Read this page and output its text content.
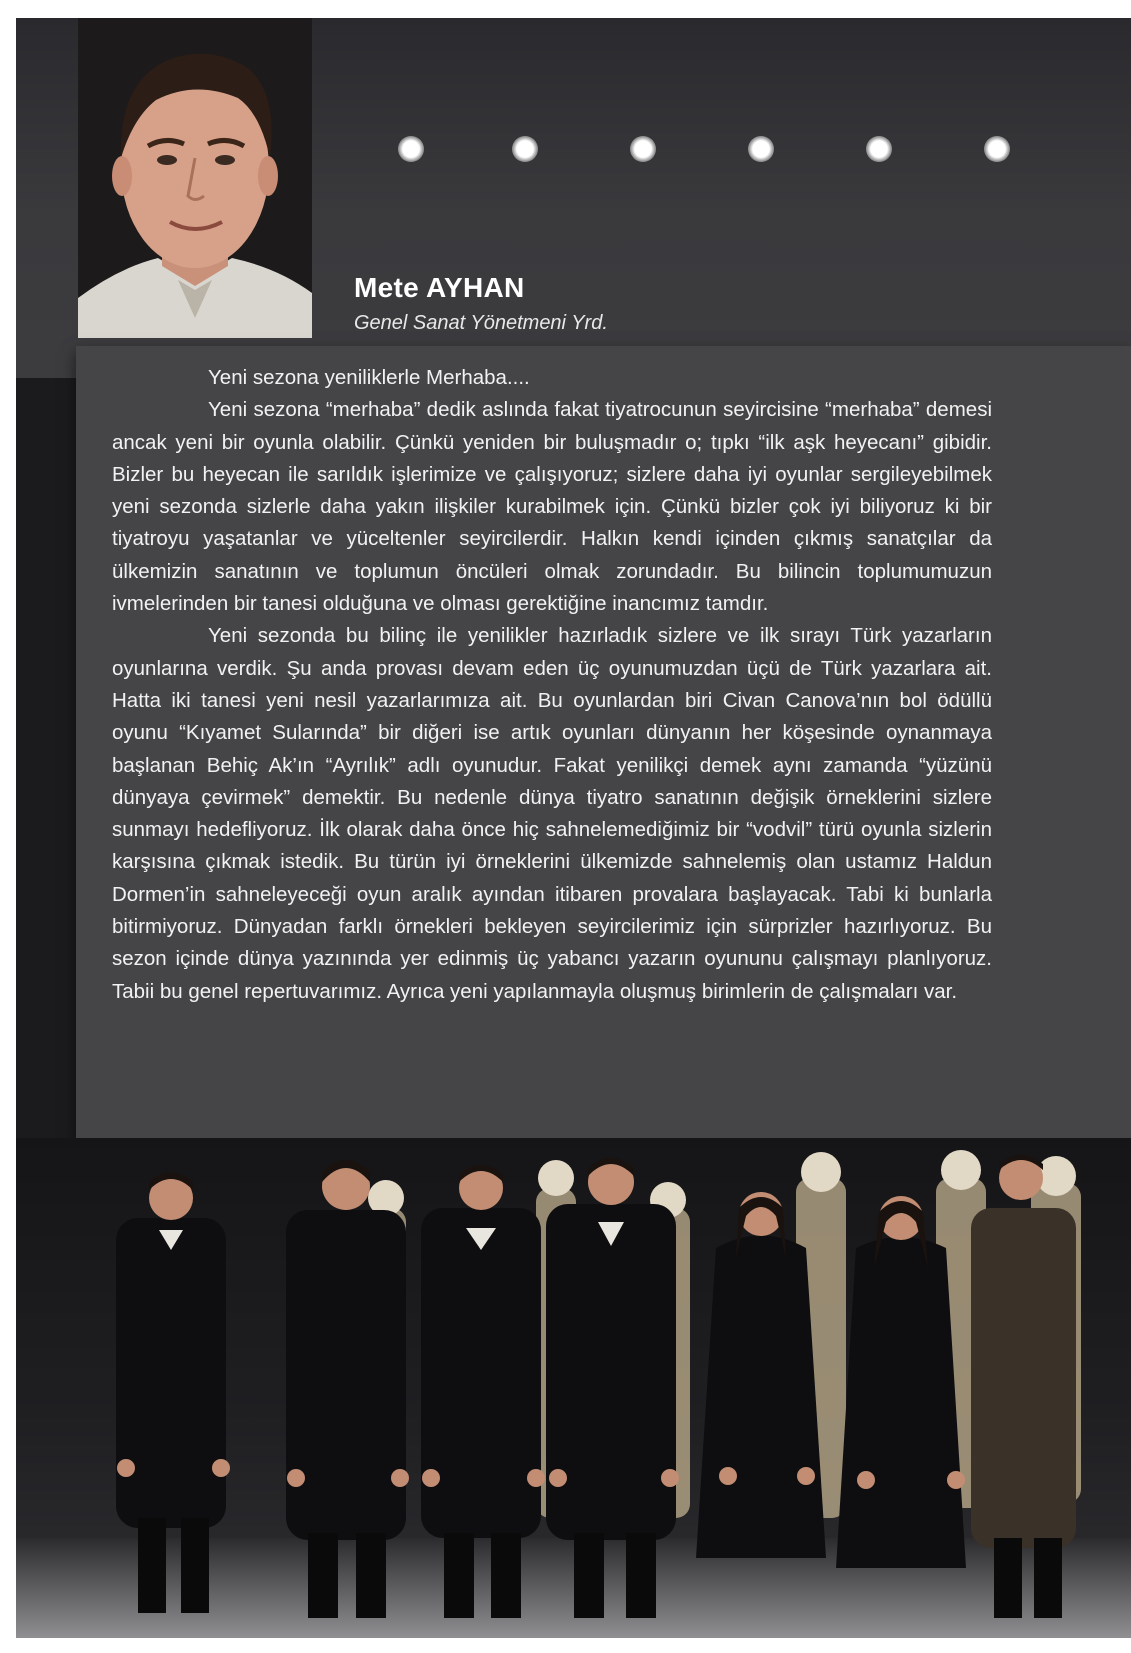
Mete AYHAN
Genel Sanat Yönetmeni Yrd.

Yeni sezona yeniliklerle Merhaba....

Yeni sezona “merhaba” dedik aslında fakat tiyatrocunun seyircisine “merhaba” demesi ancak yeni bir oyunla olabilir. Çünkü yeniden bir buluşmadır o; tıpkı “ilk aşk heyecanı” gibidir. Bizler bu heyecan ile sarıldık işlerimize ve çalışıyoruz; sizlere daha iyi oyunlar sergileyebilmek yeni sezonda sizlerle daha yakın ilişkiler kurabilmek için. Çünkü bizler çok iyi biliyoruz ki bir tiyatroyu yaşatanlar ve yüceltenler seyircilerdir. Halkın kendi içinden çıkmış sanatçılar da ülkemizin sanatının ve toplumun öncüleri olmak zorundadır. Bu bilincin toplumumuzun ivmelerinden bir tanesi olduğuna ve olması gerektiğine inancımız tamdır.

Yeni sezonda bu bilinç ile yenilikler hazırladık sizlere ve ilk sırayı Türk yazarların oyunlarına verdik. Şu anda provası devam eden üç oyunumuzdan üçü de Türk yazarlara ait. Hatta iki tanesi yeni nesil yazarlarımıza ait. Bu oyunlardan biri Civan Canova’nın bol ödüllü oyunu “Kıyamet Sularında” bir diğeri ise artık oyunları dünyanın her köşesinde oynanmaya başlanan Behiç Ak’ın “Ayrılık” adlı oyunudur. Fakat yenilikçi demek aynı zamanda “yüzünü dünyaya çevirmek” demektir. Bu nedenle dünya tiyatro sanatının değişik örneklerini sizlere sunmayı hedefliyoruz. İlk olarak daha önce hiç sahnelemediğimiz bir “vodvil” türü oyunla sizlerin karşısına çıkmak istedik. Bu türün iyi örneklerini ülkemizde sahnelemiş olan ustamız Haldun Dormen’in sahneleyeceği oyun aralık ayından itibaren provalara başlayacak. Tabi ki bunlarla bitirmiyoruz. Dünyadan farklı örnekleri bekleyen seyircilerimiz için sürprizler hazırlıyoruz. Bu sezon içinde dünya yazınında yer edinmiş üç yabancı yazarın oyununu çalışmayı planlıyoruz. Tabii bu genel repertuvarımız. Ayrıca yeni yapılanmayla oluşmuş birimlerin de çalışmaları var.
